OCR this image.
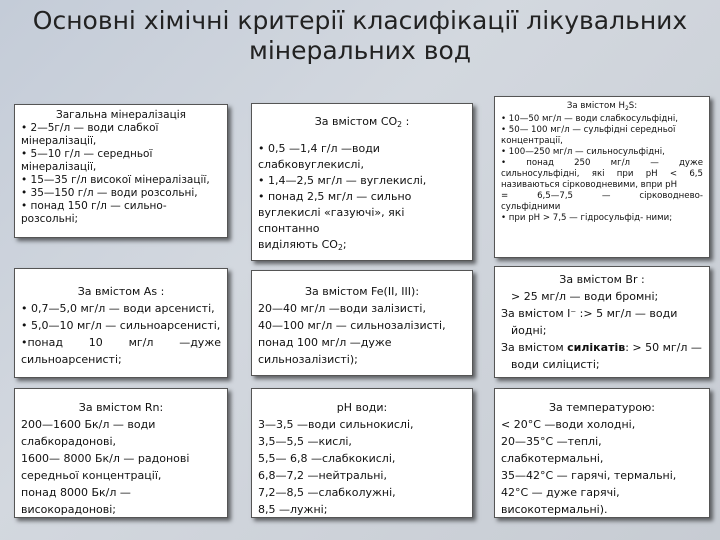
Основні хімічні критерії класифікації лікувальних
мінеральних вод
Загальна мінералізація
• 2—5г/л — води слабкої
мінералізації,
• 5—10 г/л — середньої
мінералізації,
• 15—35 г/л високої мінералізації,
• 35—150 г/л — води розсольні,
• понад 150 г/л — сильно-
розсольні;
За вмістом $CO_2$ :
• 0,5 —1,4 г/л —води
слабковуглекислі,
• 1,4—2,5 мг/л — вуглекислі,
• понад 2,5 мг/л — сильно
вуглекислі «газуючі», які спонтанно
виділяють $CO_2$;
За вмістом $H_2S$:
• 10—50 мг/л — води слабкосульфідні,
• 50— 100 мг/л — сульфідні середньої
концентрації,
• 100—250 мг/л — сильносульфідні,
• понад 250 мг/л — дуже
сильносульфідні, які при pH < 6,5
називаються сірководневими, впри pH
= 6,5—7,5 — сірководнево-
сульфідними
• при pH > 7,5 — гідросульфід- ними;
За вмістом As :
• 0,7—5,0 мг/л — води арсенисті,
• 5,0—10 мг/л — сильноарсенисті,
•понад 10 мг/л —дуже
сильноарсенисті;
За вмістом Fe(II, III):
20—40 мг/л —води залізисті,
40—100 мг/л — сильнозалізисті,
понад 100 мг/л —дуже
сильнозалізисті);
За вмістом Br :
> 25 мг/л — води бромні;
За вмістом I⁻ :> 5 мг/л — води
йодні;
За вмістом силікатів: > 50 мг/л —
води силіцисті;
За вмістом Rn:
200—1600 Бк/л — води
слабкорадонові,
1600— 8000 Бк/л — радонові
середньої концентрації,
понад 8000 Бк/л —
високорадонові;
pH води:
3—3,5 —води сильнокислі,
3,5—5,5 —кислі,
5,5— 6,8 —слабкокислі,
6,8—7,2 —нейтральні,
7,2—8,5 —слабколужні,
8,5 —лужні;
За температурою:
< 20°С —води холодні,
20—35°С —теплі,
слабкотермальні,
35—42°С — гарячі, термальні,
42°С — дуже гарячі,
високотермальні).
